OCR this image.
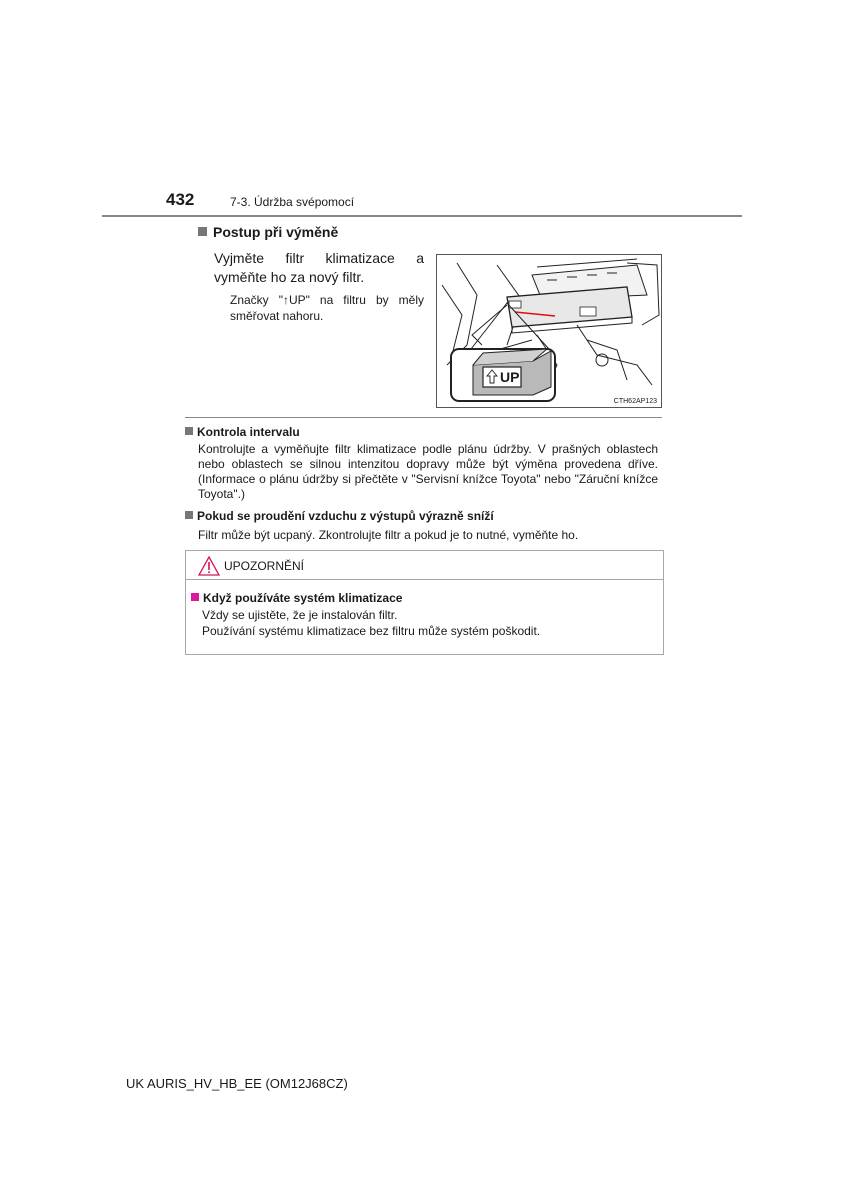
432	7-3. Údržba svépomocí
Postup při výměně
Vyjměte filtr klimatizace a vyměňte ho za nový filtr.
Značky "↑UP" na filtru by měly směřovat nahoru.
UP
CTH62AP123
Kontrola intervalu
Kontrolujte a vyměňujte filtr klimatizace podle plánu údržby. V prašných oblastech nebo oblastech se silnou intenzitou dopravy může být výměna provedena dříve. (Informace o plánu údržby si přečtěte v "Servisní knížce Toyota" nebo "Záruční knížce Toyota".)
Pokud se proudění vzduchu z výstupů výrazně sníží
Filtr může být ucpaný. Zkontrolujte filtr a pokud je to nutné, vyměňte ho.
UPOZORNĚNÍ
Když používáte systém klimatizace
Vždy se ujistěte, že je instalován filtr.
Používání systému klimatizace bez filtru může systém poškodit.
UK AURIS_HV_HB_EE (OM12J68CZ)
